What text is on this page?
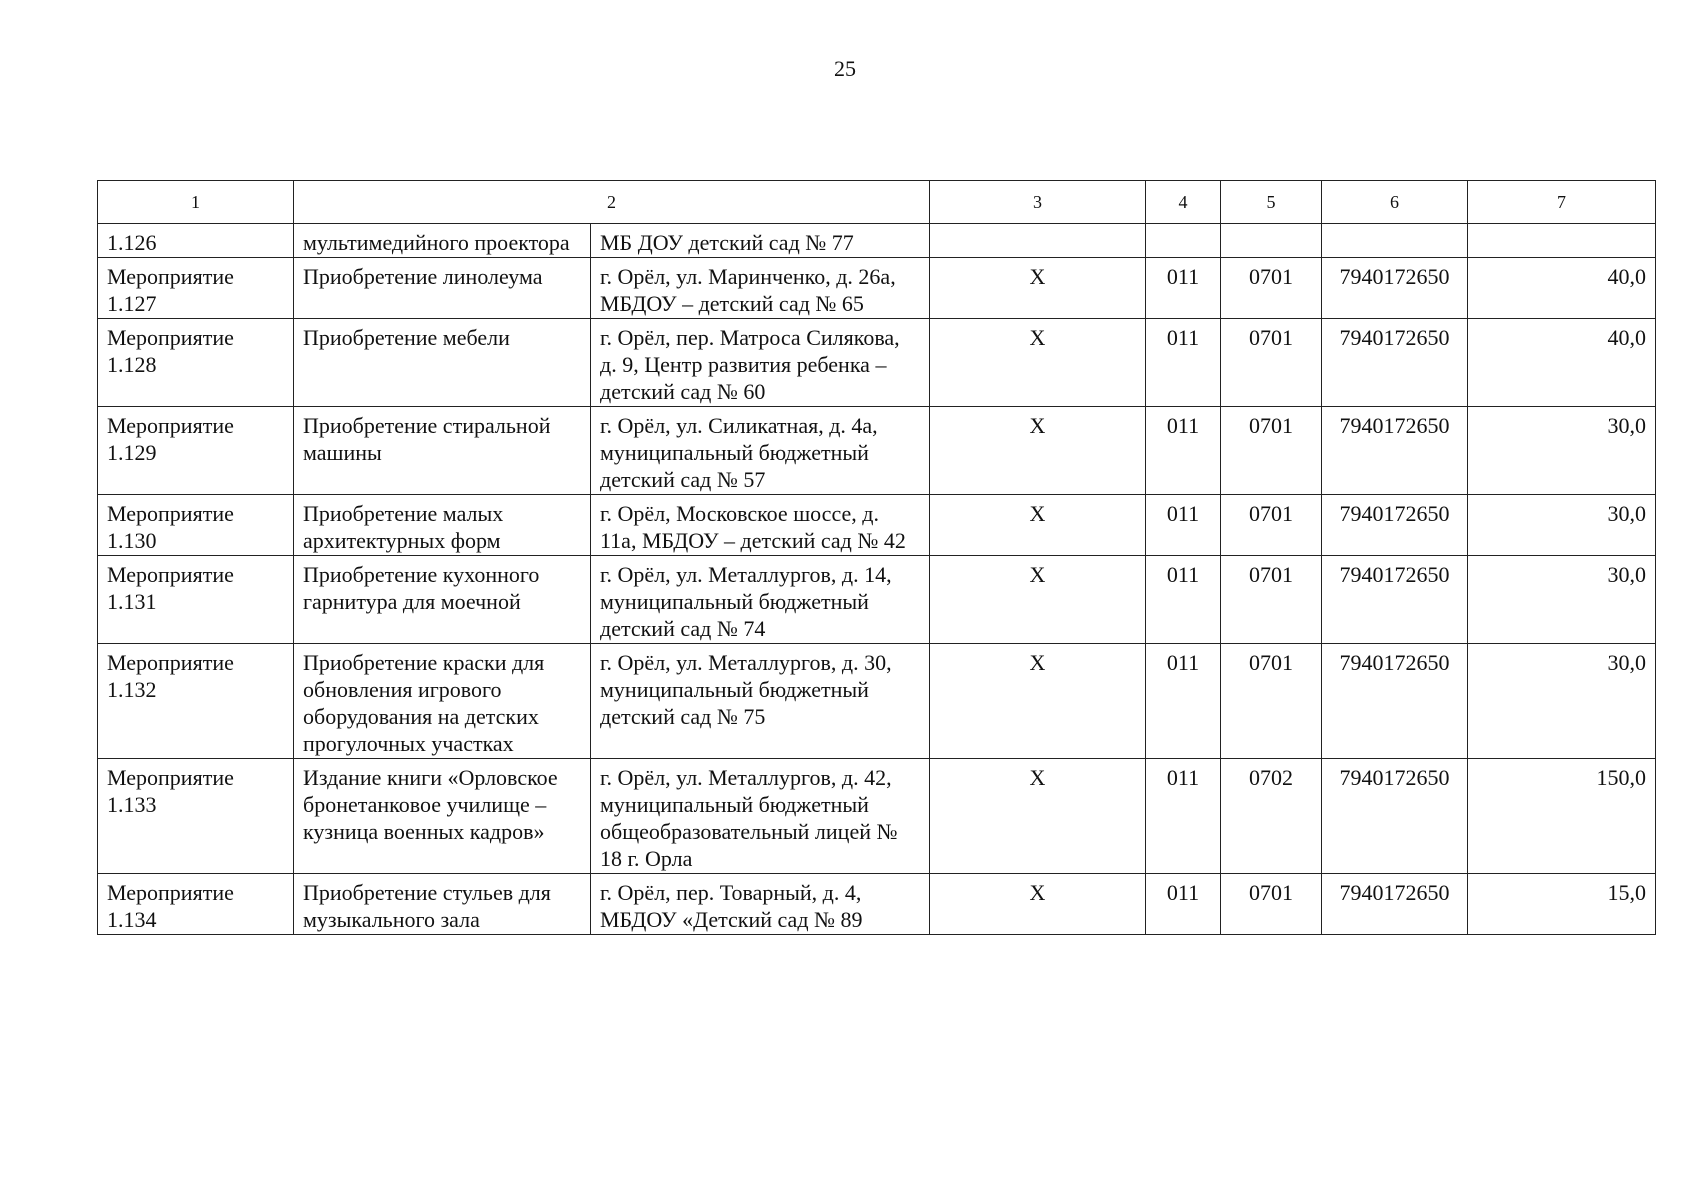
25
1	2		3	4	5	6	7
1.126	мультимедийного проектора	МБ ДОУ детский сад № 77					
Мероприятие 1.127	Приобретение линолеума	г. Орёл, ул. Маринченко, д. 26а, МБДОУ – детский сад № 65	Х	011	0701	7940172650	40,0
Мероприятие 1.128	Приобретение мебели	г. Орёл, пер. Матроса Силякова, д. 9, Центр развития ребенка – детский сад № 60	Х	011	0701	7940172650	40,0
Мероприятие 1.129	Приобретение стиральной машины	г. Орёл, ул. Силикатная, д. 4а, муниципальный бюджетный детский сад № 57	Х	011	0701	7940172650	30,0
Мероприятие 1.130	Приобретение малых архитектурных форм	г. Орёл, Московское шоссе, д. 11а, МБДОУ – детский сад № 42	Х	011	0701	7940172650	30,0
Мероприятие 1.131	Приобретение кухонного гарнитура для моечной	г. Орёл, ул. Металлургов, д. 14, муниципальный бюджетный детский сад № 74	Х	011	0701	7940172650	30,0
Мероприятие 1.132	Приобретение краски для обновления игрового оборудования на детских прогулочных участках	г. Орёл, ул. Металлургов, д. 30, муниципальный бюджетный детский сад № 75	Х	011	0701	7940172650	30,0
Мероприятие 1.133	Издание книги «Орловское бронетанковое училище – кузница военных кадров»	г. Орёл, ул. Металлургов, д. 42, муниципальный бюджетный общеобразовательный лицей № 18 г. Орла	Х	011	0702	7940172650	150,0
Мероприятие 1.134	Приобретение стульев для музыкального зала	г. Орёл, пер. Товарный, д. 4, МБДОУ «Детский сад № 89	Х	011	0701	7940172650	15,0
